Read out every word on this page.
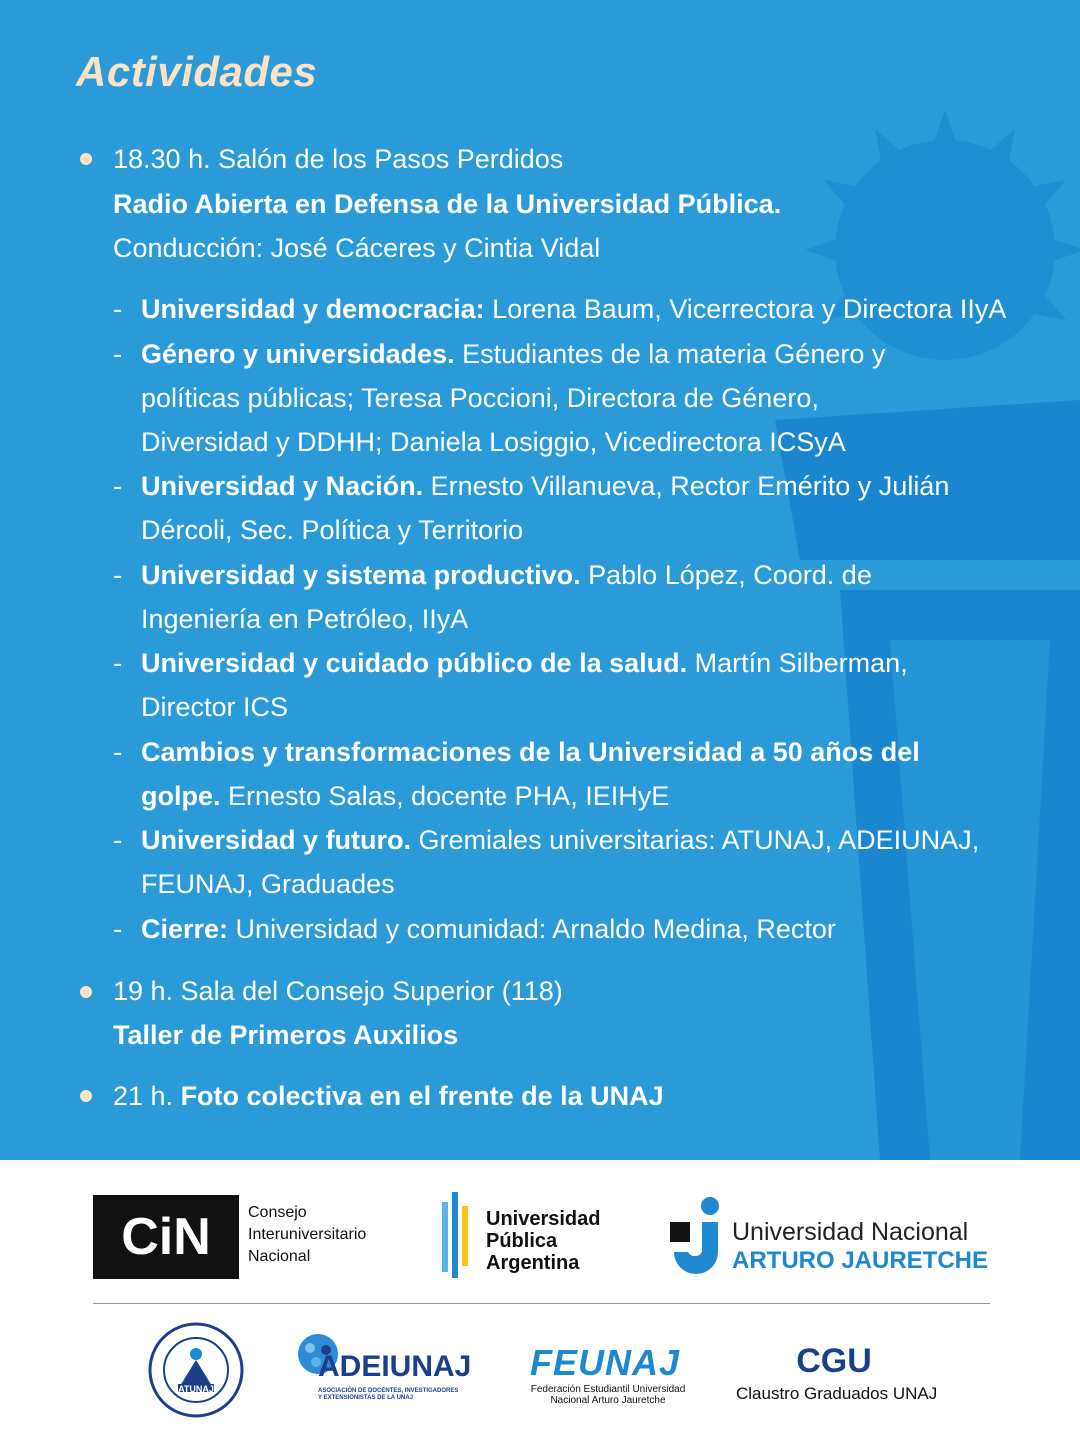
Actividades
18.30 h. Salón de los Pasos Perdidos
Radio Abierta en Defensa de la Universidad Pública.
Conducción: José Cáceres y Cintia Vidal
- Universidad y democracia: Lorena Baum, Vicerrectora y Directora IIyA
- Género y universidades. Estudiantes de la materia Género y
políticas públicas; Teresa Poccioni, Directora de Género,
Diversidad y DDHH; Daniela Losiggio, Vicedirectora ICSyA
- Universidad y Nación. Ernesto Villanueva, Rector Emérito y Julián
Dércoli, Sec. Política y Territorio
- Universidad y sistema productivo. Pablo López, Coord. de
Ingeniería en Petróleo, IIyA
- Universidad y cuidado público de la salud. Martín Silberman,
Director ICS
- Cambios y transformaciones de la Universidad a 50 años del
golpe. Ernesto Salas, docente PHA, IEIHyE
- Universidad y futuro. Gremiales universitarias: ATUNAJ, ADEIUNAJ,
FEUNAJ, Graduades
- Cierre: Universidad y comunidad: Arnaldo Medina, Rector
19 h. Sala del Consejo Superior (118)
Taller de Primeros Auxilios
21 h. Foto colectiva en el frente de la UNAJ
CiN	Consejo
Interuniversitario
Nacional
Universidad
Pública
Argentina
Universidad Nacional
ARTURO JAURETCHE
ATUNAJ
ADEIUNAJ
ASOCIACIÓN DE DOCENTES, INVESTIGADORES
Y EXTENSIONISTAS DE LA UNAJ
FEUNAJ
Federación Estudiantil Universidad
Nacional Arturo Jauretche
CGU
Claustro Graduados UNAJ
